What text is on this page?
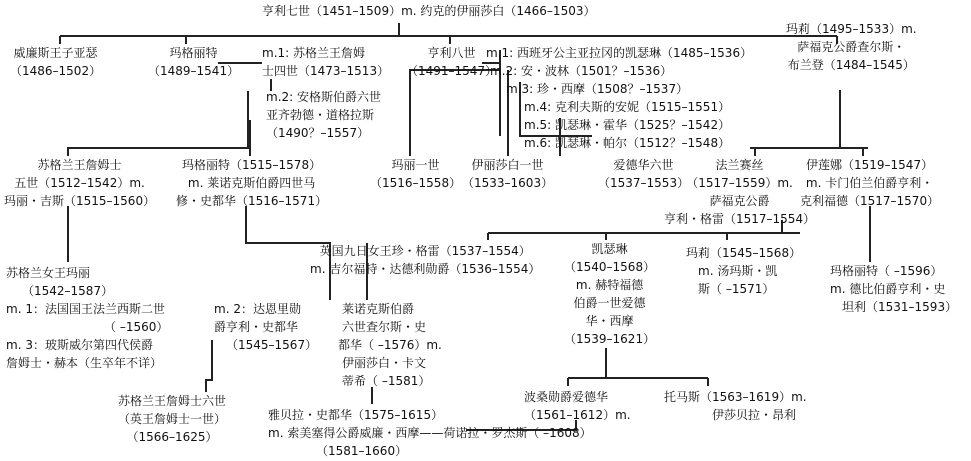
亨利七世（1451–1509）m. 约克的伊丽莎白（1466–1503）
威廉斯王子亚瑟
（1486–1502）
玛格丽特
（1489–1541）
m.1: 苏格兰王詹姆
士四世（1473–1513）
m.2: 安格斯伯爵六世
亚齐勃德・道格拉斯
（1490？–1557）
亨利八世
（1491–1547）
m.1: 西班牙公主亚拉冈的凯瑟琳（1485–1536）
m.2: 安・波林（1501？–1536）
m.3: 珍・西摩（1508？–1537）
m.4: 克利夫斯的安妮（1515–1551）
m.5: 凯瑟琳・霍华（1525？–1542）
m.6: 凯瑟琳・帕尔（1512？–1548）
玛莉（1495–1533）m.
萨福克公爵查尔斯・
布兰登（1484–1545）
苏格兰王詹姆士
五世（1512–1542）m.
玛丽・吉斯（1515–1560）
玛格丽特（1515–1578）
m. 莱诺克斯伯爵四世马
修・史都华（1516–1571）
玛丽一世
（1516–1558）
伊丽莎白一世
（1533–1603）
爱德华六世
（1537–1553）
法兰赛丝
（1517–1559）m.
萨福克公爵
亨利・格雷（1517–1554）
伊莲娜（1519–1547）
m. 卡门伯兰伯爵亨利・
克利福德（1517–1570）
苏格兰女王玛丽
（1542–1587）
m. 1：法国国王法兰西斯二世
（ –1560）
m. 3：玻斯威尔第四代侯爵
詹姆士・赫本（生卒年不详）
英国九日女王珍・格雷（1537–1554）
m. 吉尔福特・达德利勋爵（1536–1554）
凯瑟琳
（1540–1568）
m. 赫特福德
伯爵一世爱德
华・西摩
（1539–1621）
玛莉（1545–1568）
m. 汤玛斯・凯
斯（ –1571）
玛格丽特（ –1596）
m. 德比伯爵亨利・史
坦利（1531–1593）
m. 2：达恩里勋
爵亨利・史都华
（1545–1567）
莱诺克斯伯爵
六世查尔斯・史
都华（ –1576）m.
伊丽莎白・卡文
蒂希（ –1581）
苏格兰王詹姆士六世
（英王詹姆士一世）
（1566–1625）
波桑勋爵爱德华
（1561–1612）m.
托马斯（1563–1619）m.
伊莎贝拉・昂利
雅贝拉・史都华（1575–1615）
m. 索美塞得公爵威廉・西摩——荷诺拉・罗杰斯（ –1608）
（1581–1660）
